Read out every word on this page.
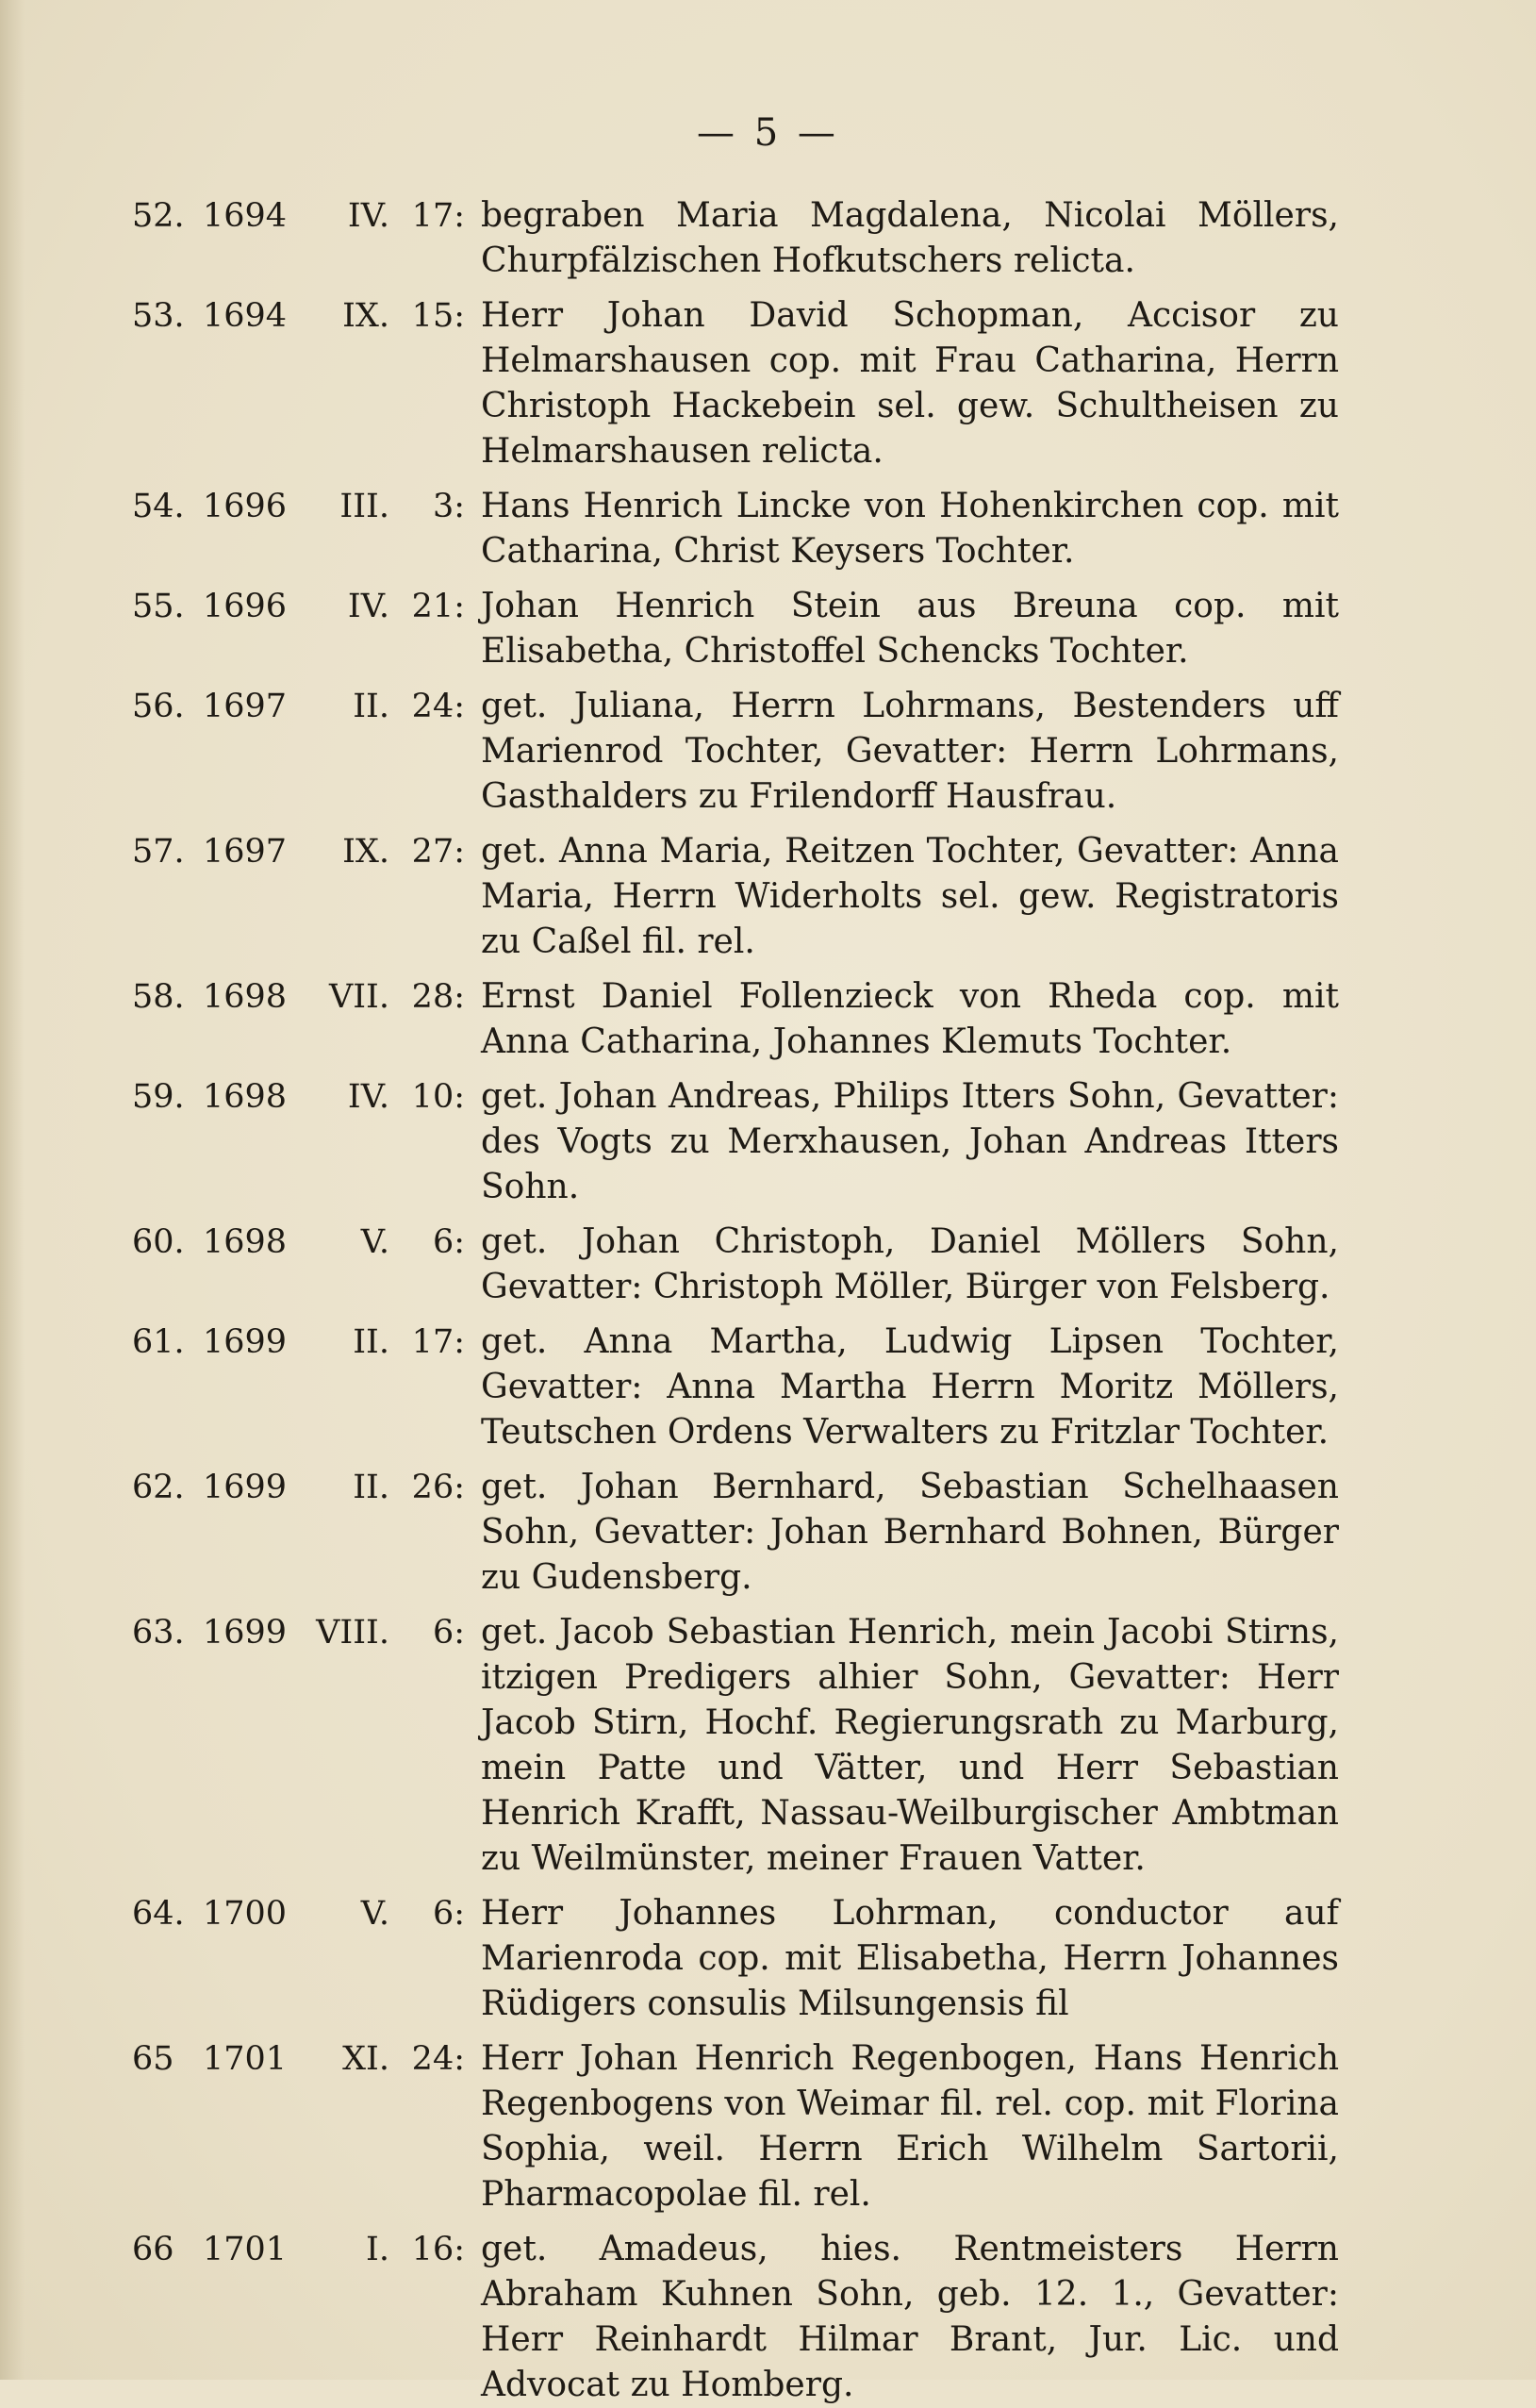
— 5 —
52. 1694	IV. 17: begraben Maria Magdalena, Nicolai Möllers, Churpfälzischen Hofkutschers relicta.
53. 1694	IX. 15: Herr Johan David Schopman, Accisor zu Helmarshausen cop. mit Frau Catharina, Herrn Christoph Hackebein sel. gew. Schultheisen zu Helmarshausen relicta.
54. 1696	III.	3: Hans Henrich Lincke von Hohenkirchen cop. mit Catharina, Christ Keysers Tochter.
55. 1696	IV. 21: Johan Henrich Stein aus Breuna cop. mit Elisabetha, Christoffel Schencks Tochter.
56. 1697	II. 24: get. Juliana, Herrn Lohrmans, Bestenders uff Marienrod Tochter, Gevatter: Herrn Lohrmans, Gasthalders zu Frilendorff Hausfrau.
57. 1697	IX. 27: get. Anna Maria, Reitzen Tochter, Gevatter: Anna Maria, Herrn Widerholts sel. gew. Registratoris zu Caßel fil. rel.
58. 1698	VII. 28: Ernst Daniel Follenzieck von Rheda cop. mit Anna Catharina, Johannes Klemuts Tochter.
59. 1698	IV. 10: get. Johan Andreas, Philips Itters Sohn, Gevatter: des Vogts zu Merxhausen, Johan Andreas Itters Sohn.
60. 1698	V.	6: get. Johan Christoph, Daniel Möllers Sohn, Gevatter: Christoph Möller, Bürger von Felsberg.
61. 1699	II. 17: get. Anna Martha, Ludwig Lipsen Tochter, Gevatter: Anna Martha Herrn Moritz Möllers, Teutschen Ordens Verwalters zu Fritzlar Tochter.
62. 1699	II. 26: get. Johan Bernhard, Sebastian Schelhaasen Sohn, Gevatter: Johan Bernhard Bohnen, Bürger zu Gudensberg.
63. 1699 VIII.	6: get. Jacob Sebastian Henrich, mein Jacobi Stirns, itzigen Predigers alhier Sohn, Gevatter: Herr Jacob Stirn, Hochf. Regierungsrath zu Marburg, mein Patte und Vätter, und Herr Sebastian Henrich Krafft, Nassau-Weilburgischer Ambtman zu Weilmünster, meiner Frauen Vatter.
64. 1700	V.	6: Herr Johannes Lohrman, conductor auf Marienroda cop. mit Elisabetha, Herrn Johannes Rüdigers consulis Milsungensis fil
65 1701	XI. 24: Herr Johan Henrich Regenbogen, Hans Henrich Regenbogens von Weimar fil. rel. cop. mit Florina Sophia, weil. Herrn Erich Wilhelm Sartorii, Pharmacopolae fil. rel.
66 1701	I. 16: get. Amadeus, hies. Rentmeisters Herrn Abraham Kuhnen Sohn, geb. 12. 1., Gevatter: Herr Reinhardt Hilmar Brant, Jur. Lic. und Advocat zu Homberg.
